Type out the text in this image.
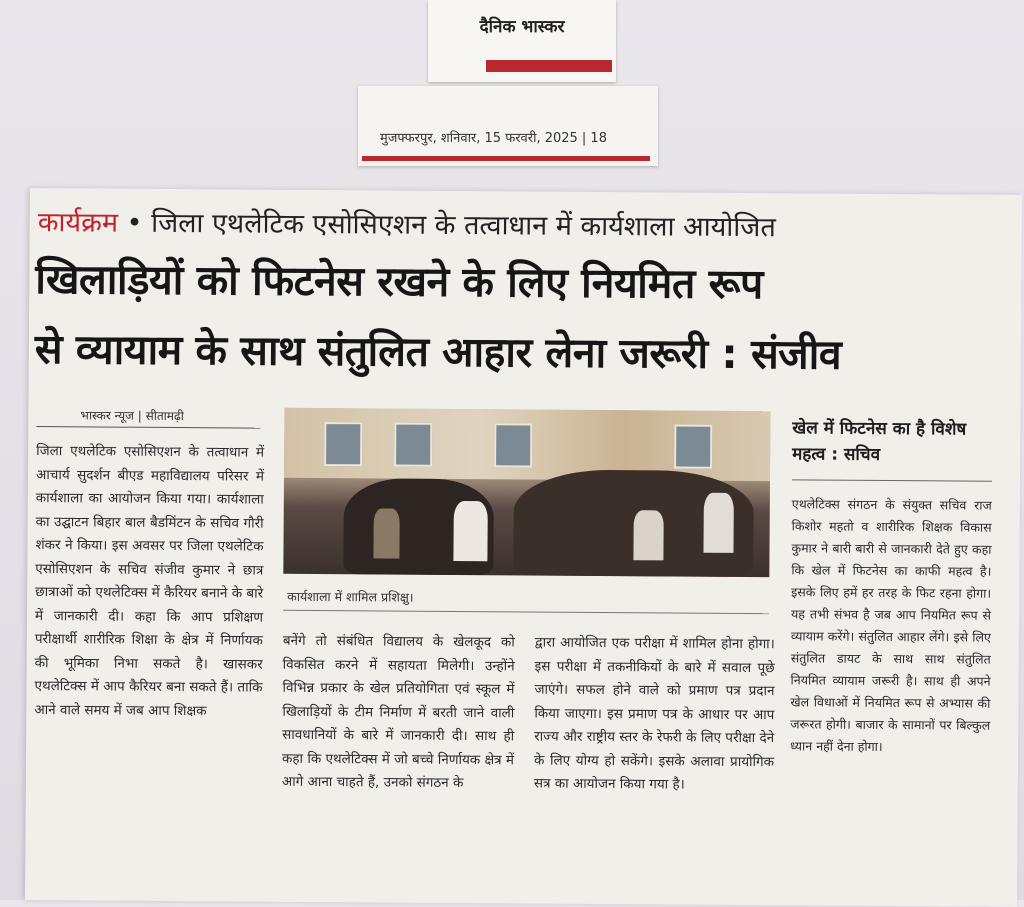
दैनिक भास्कर
मुजफ्फरपुर, शनिवार, 15 फरवरी, 2025 | 18
कार्यक्रम • जिला एथलेटिक एसोसिएशन के तत्वाधान में कार्यशाला आयोजित
खिलाड़ियों को फिटनेस रखने के लिए नियमित रूप
से व्यायाम के साथ संतुलित आहार लेना जरूरी : संजीव
भास्कर न्यूज | सीतामढ़ी
जिला एथलेटिक एसोसिएशन के तत्वाधान में आचार्य सुदर्शन बीएड महाविद्यालय परिसर में कार्यशाला का आयोजन किया गया। कार्यशाला का उद्घाटन बिहार बाल बैडमिंटन के सचिव गौरी शंकर ने किया। इस अवसर पर जिला एथलेटिक एसोसिएशन के सचिव संजीव कुमार ने छात्र छात्राओं को एथलेटिक्स में कैरियर बनाने के बारे में जानकारी दी। कहा कि आप प्रशिक्षण परीक्षार्थी शारीरिक शिक्षा के क्षेत्र में निर्णायक की भूमिका निभा सकते है। खासकर एथलेटिक्स में आप कैरियर बना सकते हैं। ताकि आने वाले समय में जब आप शिक्षक
कार्यशाला में शामिल प्रशिक्षु।
बनेंगे तो संबंधित विद्यालय के खेलकूद को विकसित करने में सहायता मिलेगी। उन्होंने विभिन्न प्रकार के खेल प्रतियोगिता एवं स्कूल में खिलाड़ियों के टीम निर्माण में बरती जाने वाली सावधानियों के बारे में जानकारी दी। साथ ही कहा कि एथलेटिक्स में जो बच्चे निर्णायक क्षेत्र में आगे आना चाहते हैं, उनको संगठन के
द्वारा आयोजित एक परीक्षा में शामिल होना होगा। इस परीक्षा में तकनीकियों के बारे में सवाल पूछे जाएंगे। सफल होने वाले को प्रमाण पत्र प्रदान किया जाएगा। इस प्रमाण पत्र के आधार पर आप राज्य और राष्ट्रीय स्तर के रेफरी के लिए परीक्षा देने के लिए योग्य हो सकेंगे। इसके अलावा प्रायोगिक सत्र का आयोजन किया गया है।
खेल में फिटनेस का है विशेष महत्व : सचिव
एथलेटिक्स संगठन के संयुक्त सचिव राज किशोर महतो व शारीरिक शिक्षक विकास कुमार ने बारी बारी से जानकारी देते हुए कहा कि खेल में फिटनेस का काफी महत्व है। इसके लिए हमें हर तरह के फिट रहना होगा। यह तभी संभव है जब आप नियमित रूप से व्यायाम करेंगे। संतुलित आहार लेंगे। इसे लिए संतुलित डायट के साथ साथ संतुलित नियमित व्यायाम जरूरी है। साथ ही अपने खेल विधाओं में नियमित रूप से अभ्यास की जरूरत होगी। बाजार के सामानों पर बिल्कुल ध्यान नहीं देना होगा।
